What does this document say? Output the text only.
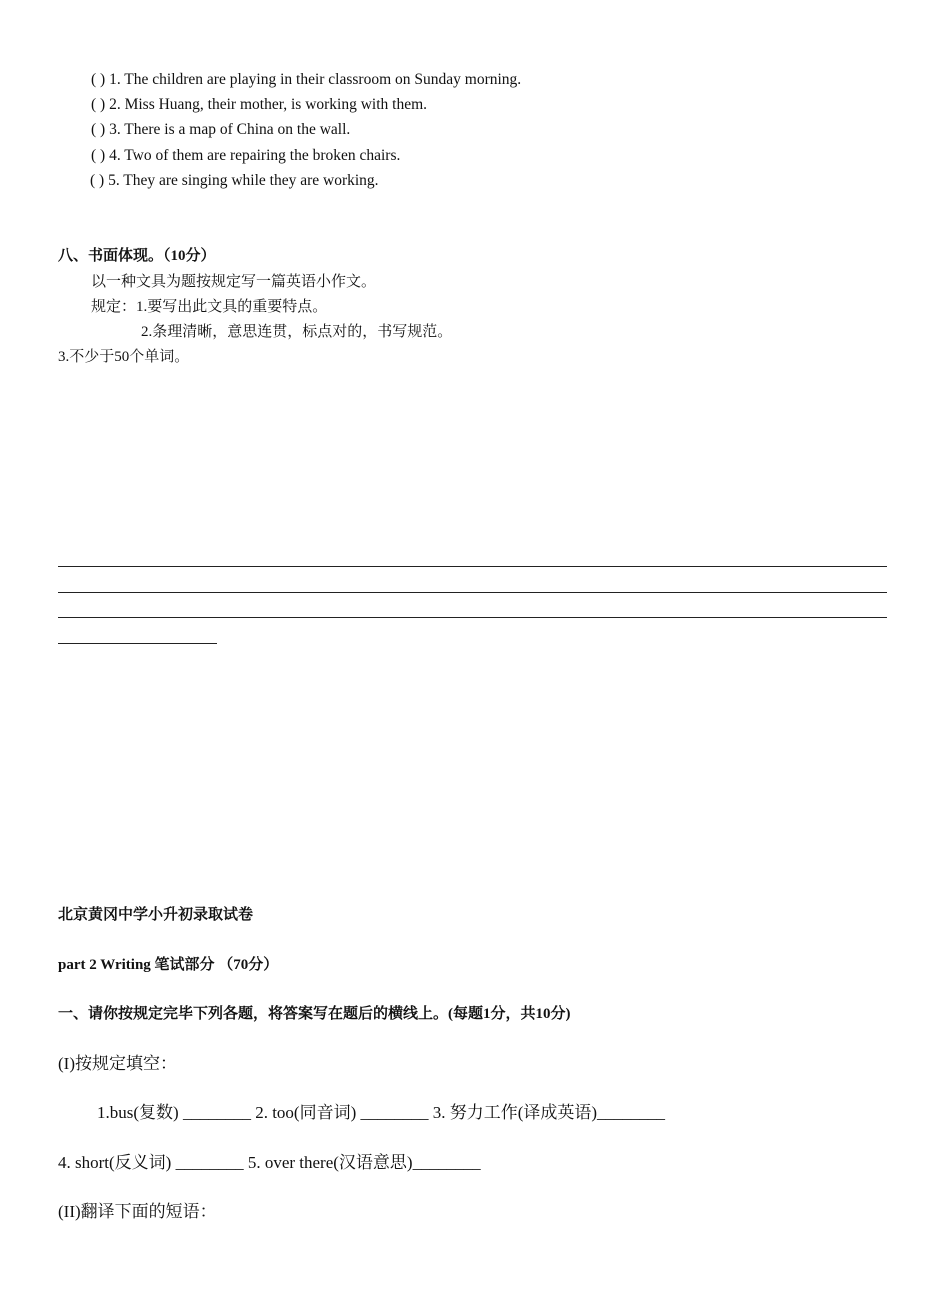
( ) 1. The children are playing in their classroom on Sunday morning.
( ) 2. Miss Huang, their mother, is working with them.
( ) 3. There is a map of China on the wall.
( ) 4. Two of them are repairing the broken chairs.
( ) 5. They are singing while they are working.
八、书面体现。（10分）
以一种文具为题按规定写一篇英语小作文。
规定：1.要写出此文具的重要特点。
2.条理清晰，意思连贯，标点对的，书写规范。
3.不少于50个单词。
北京黄冈中学小升初录取试卷
part 2 Writing 笔试部分 （70分）
一、请你按规定完毕下列各题，将答案写在题后的横线上。(每题1分，共10分)
(I)按规定填空：
1.bus(复数) ________ 2. too(同音词) ________ 3. 努力工作(译成英语)________
4. short(反义词) ________ 5. over there(汉语意思)________
(II)翻译下面的短语：
